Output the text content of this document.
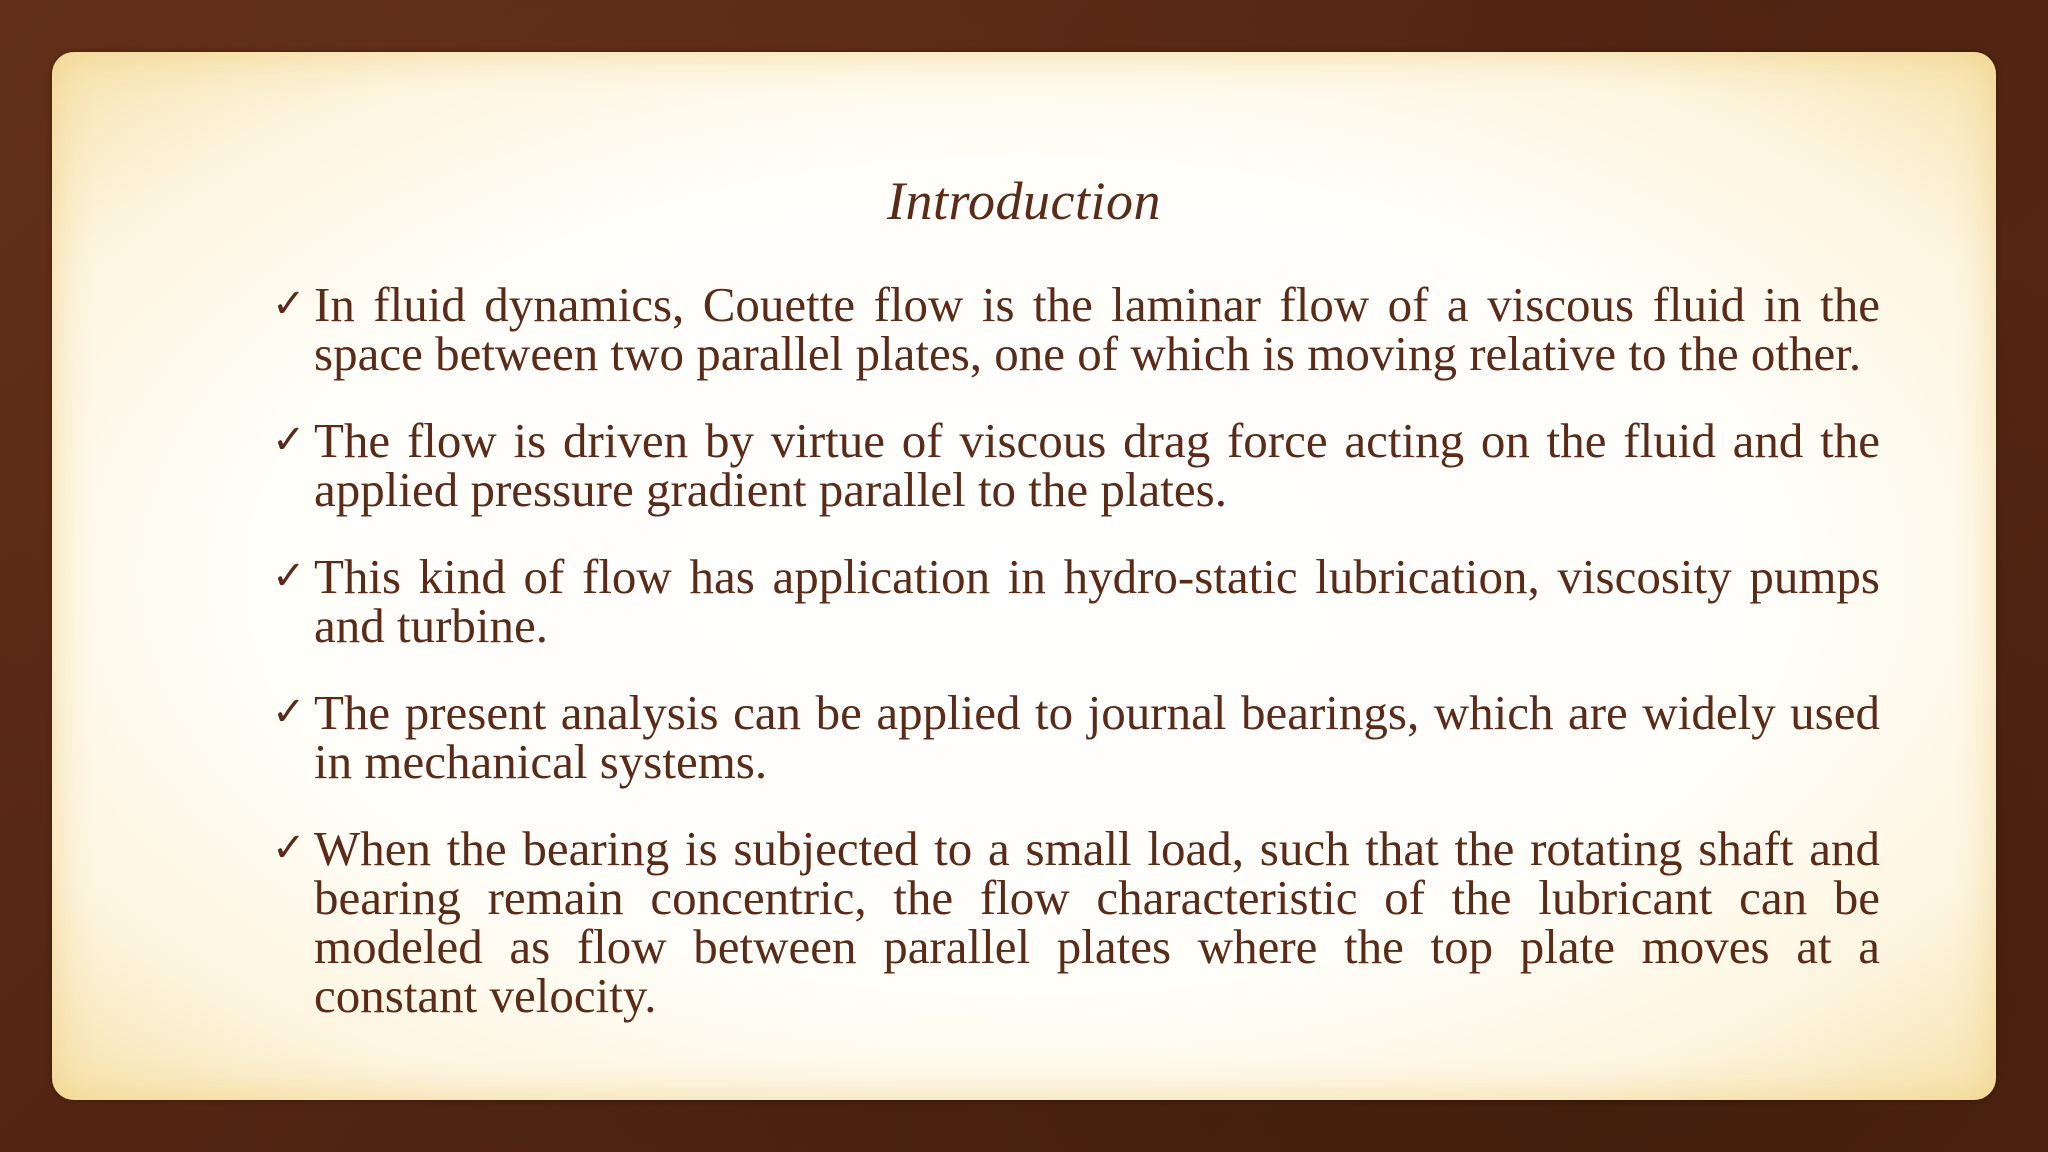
Introduction
✓ In fluid dynamics, Couette flow is the laminar flow of a viscous fluid in the space between two parallel plates, one of which is moving relative to the other.
✓ The flow is driven by virtue of viscous drag force acting on the fluid and the applied pressure gradient parallel to the plates.
✓ This kind of flow has application in hydro-static lubrication, viscosity pumps and turbine.
✓ The present analysis can be applied to journal bearings, which are widely used in mechanical systems.
✓ When the bearing is subjected to a small load, such that the rotating shaft and bearing remain concentric, the flow characteristic of the lubricant can be modeled as flow between parallel plates where the top plate moves at a constant velocity.
